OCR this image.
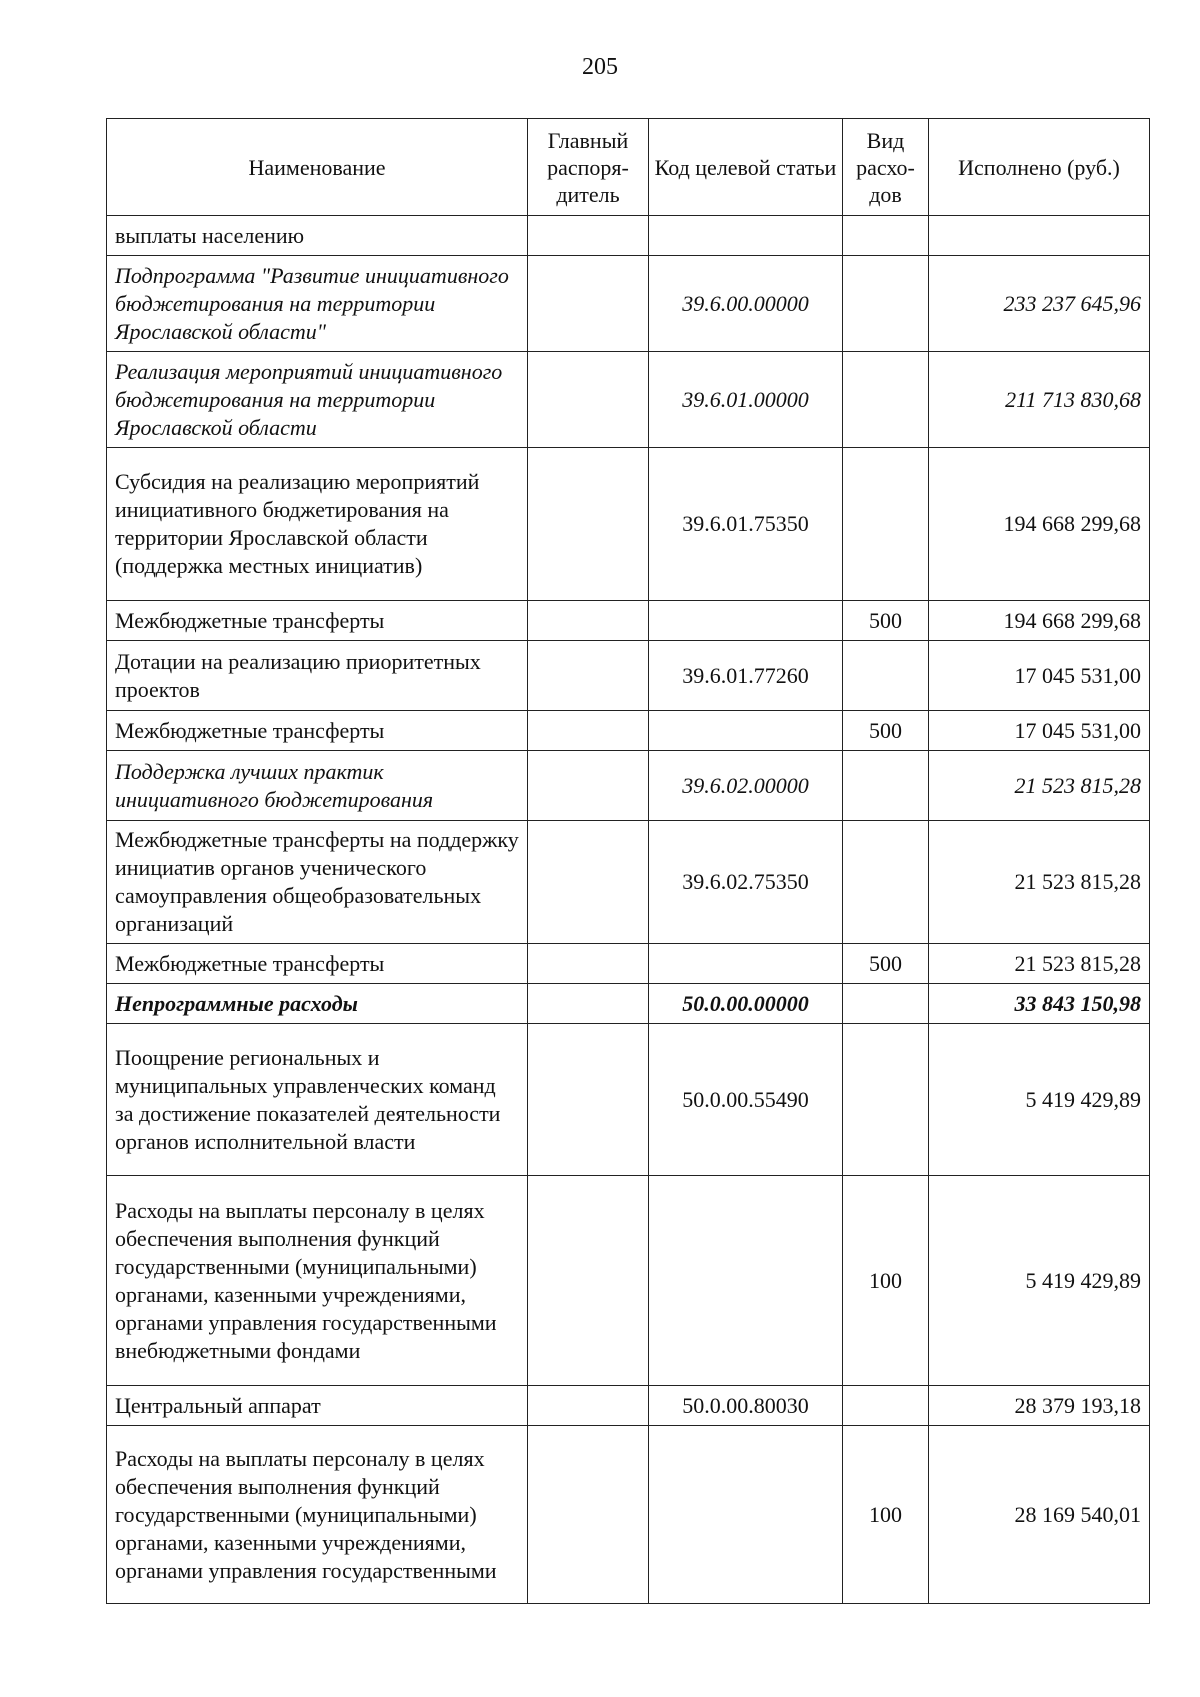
205
Наименование	Главный распоря-дитель	Код целевой статьи	Вид расхо-дов	Исполнено (руб.)
выплаты населению				
Подпрограмма "Развитие инициативного бюджетирования на территории Ярославской области"		39.6.00.00000		233 237 645,96
Реализация мероприятий инициативного бюджетирования на территории Ярославской области		39.6.01.00000		211 713 830,68
Субсидия на реализацию мероприятий инициативного бюджетирования на территории Ярославской области (поддержка местных инициатив)		39.6.01.75350		194 668 299,68
Межбюджетные трансферты			500	194 668 299,68
Дотации на реализацию приоритетных проектов		39.6.01.77260		17 045 531,00
Межбюджетные трансферты			500	17 045 531,00
Поддержка лучших практик инициативного бюджетирования		39.6.02.00000		21 523 815,28
Межбюджетные трансферты на поддержку инициатив органов ученического самоуправления общеобразовательных организаций		39.6.02.75350		21 523 815,28
Межбюджетные трансферты			500	21 523 815,28
Непрограммные расходы		50.0.00.00000		33 843 150,98
Поощрение региональных и муниципальных управленческих команд за достижение показателей деятельности органов исполнительной власти		50.0.00.55490		5 419 429,89
Расходы на выплаты персоналу в целях обеспечения выполнения функций государственными (муниципальными) органами, казенными учреждениями, органами управления государственными внебюджетными фондами			100	5 419 429,89
Центральный аппарат		50.0.00.80030		28 379 193,18
Расходы на выплаты персоналу в целях обеспечения выполнения функций государственными (муниципальными) органами, казенными учреждениями, органами управления государственными			100	28 169 540,01
